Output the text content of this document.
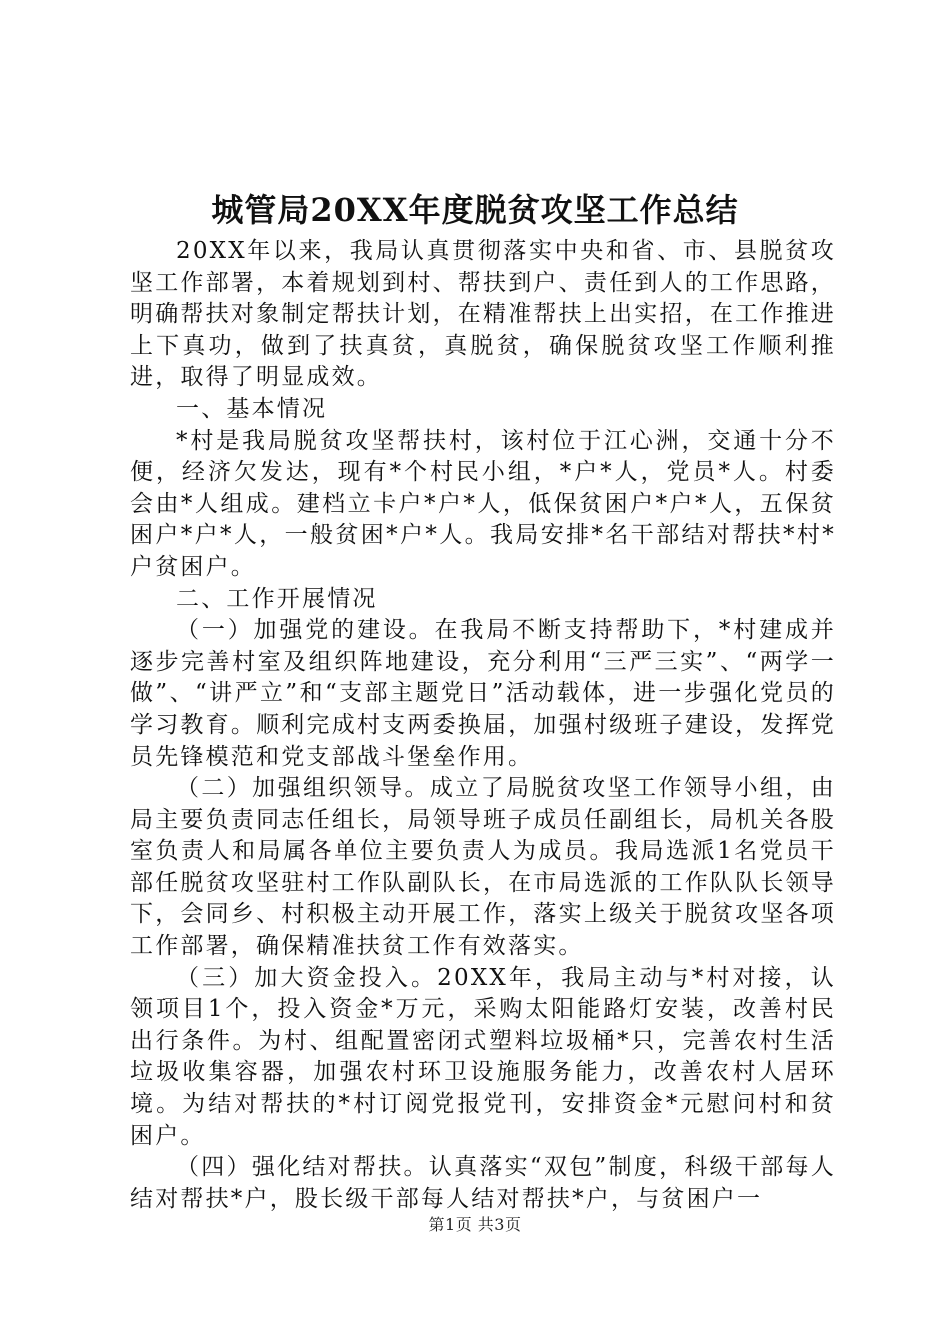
城管局20XX年度脱贫攻坚工作总结

20XX年以来，我局认真贯彻落实中央和省、市、县脱贫攻坚工作部署，本着规划到村、帮扶到户、责任到人的工作思路，明确帮扶对象制定帮扶计划，在精准帮扶上出实招，在工作推进上下真功，做到了扶真贫，真脱贫，确保脱贫攻坚工作顺利推进，取得了明显成效。

一、基本情况

*村是我局脱贫攻坚帮扶村，该村位于江心洲，交通十分不便，经济欠发达，现有*个村民小组，*户*人，党员*人。村委会由*人组成。建档立卡户*户*人，低保贫困户*户*人，五保贫困户*户*人，一般贫困*户*人。我局安排*名干部结对帮扶*村*户贫困户。

二、工作开展情况

（一）加强党的建设。在我局不断支持帮助下，*村建成并逐步完善村室及组织阵地建设，充分利用“三严三实”、“两学一做”、“讲严立”和“支部主题党日”活动载体，进一步强化党员的学习教育。顺利完成村支两委换届，加强村级班子建设，发挥党员先锋模范和党支部战斗堡垒作用。

（二）加强组织领导。成立了局脱贫攻坚工作领导小组，由局主要负责同志任组长，局领导班子成员任副组长，局机关各股室负责人和局属各单位主要负责人为成员。我局选派1名党员干部任脱贫攻坚驻村工作队副队长，在市局选派的工作队队长领导下，会同乡、村积极主动开展工作，落实上级关于脱贫攻坚各项工作部署，确保精准扶贫工作有效落实。

（三）加大资金投入。20XX年，我局主动与*村对接，认领项目1个，投入资金*万元，采购太阳能路灯安装，改善村民出行条件。为村、组配置密闭式塑料垃圾桶*只，完善农村生活垃圾收集容器，加强农村环卫设施服务能力，改善农村人居环境。为结对帮扶的*村订阅党报党刊，安排资金*元慰问村和贫困户。

（四）强化结对帮扶。认真落实“双包”制度，科级干部每人结对帮扶*户，股长级干部每人结对帮扶*户，与贫困户一

第1页 共3页
